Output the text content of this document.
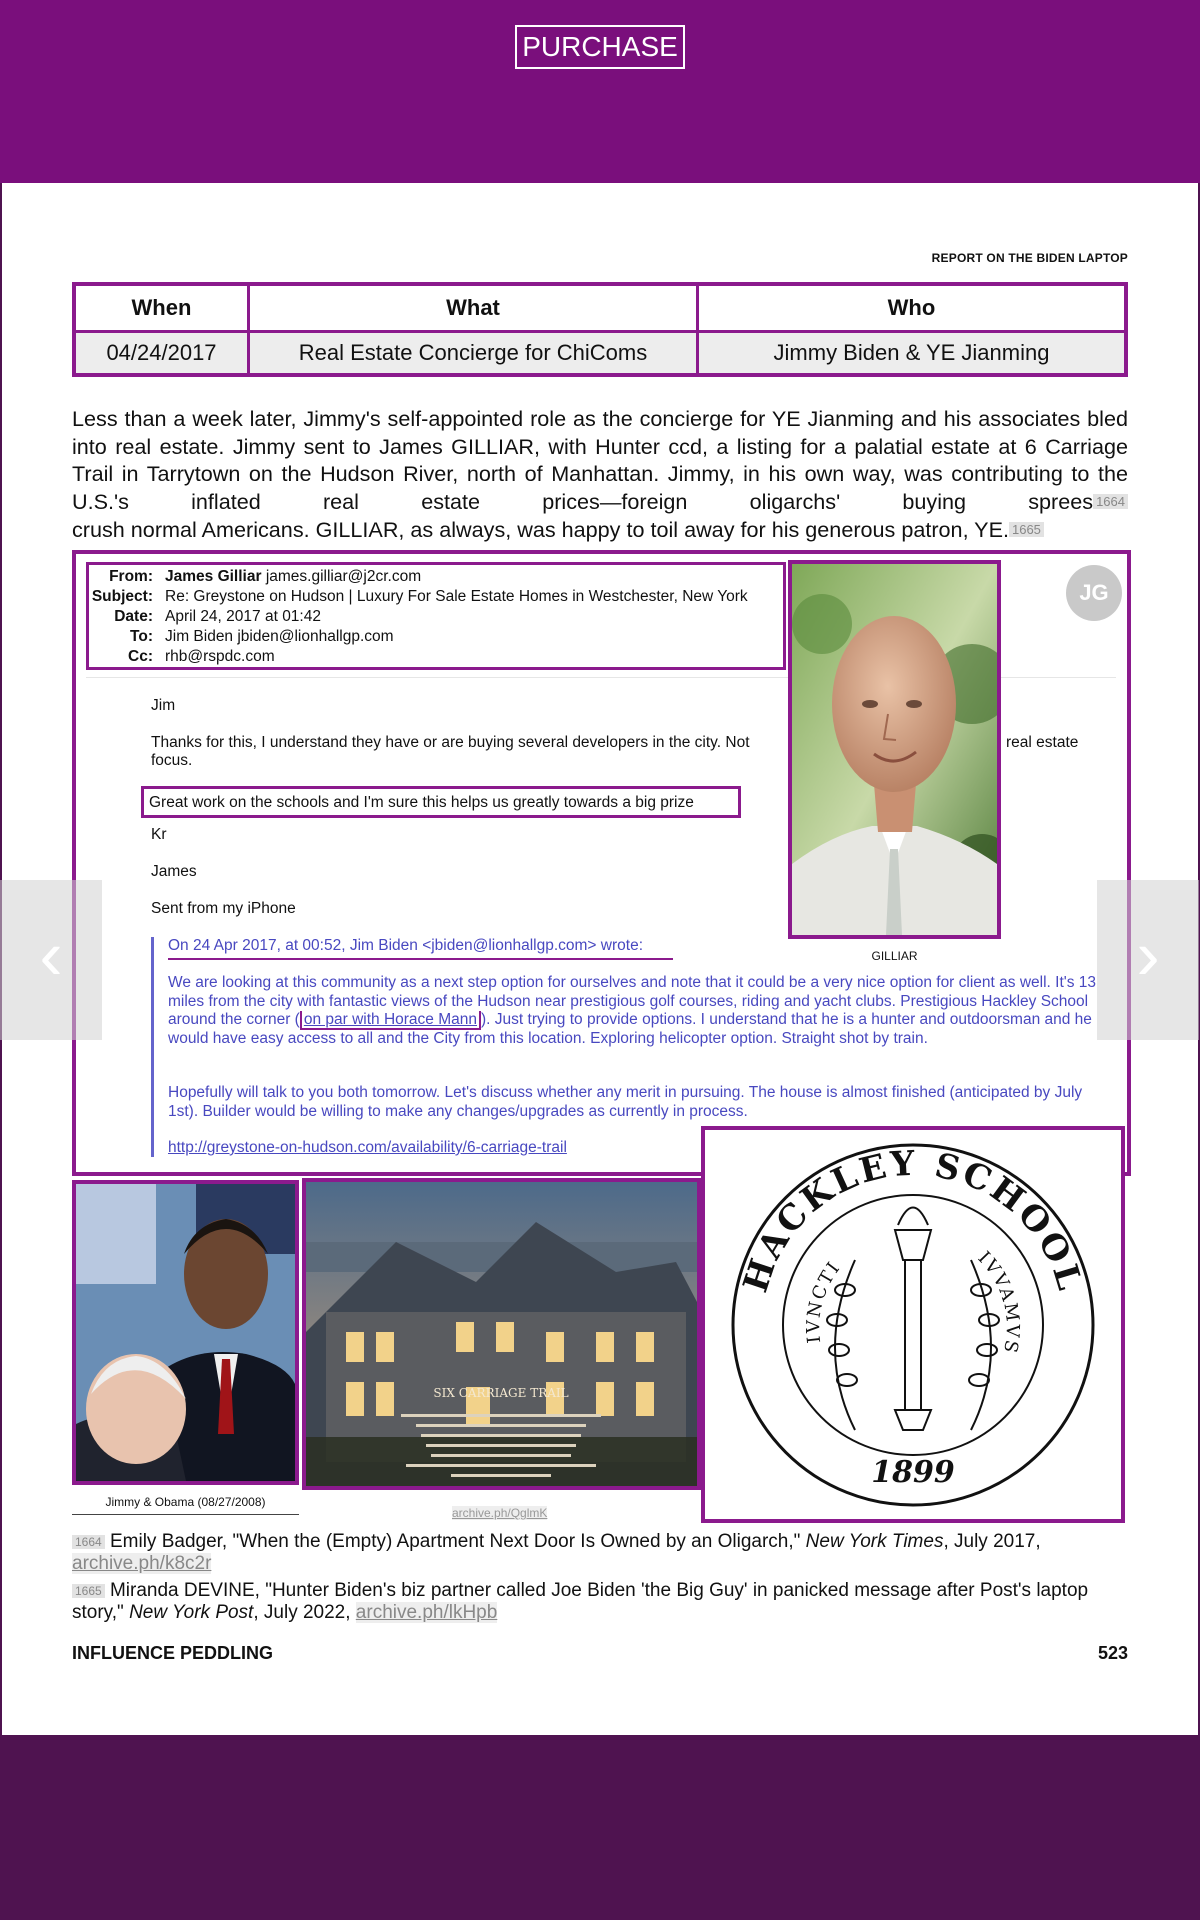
PURCHASE
REPORT ON THE BIDEN LAPTOP
When	What	Who
04/24/2017	Real Estate Concierge for ChiComs	Jimmy Biden & YE Jianming
Less than a week later, Jimmy's self-appointed role as the concierge for YE Jianming and his associates bled into real estate. Jimmy sent to James GILLIAR, with Hunter ccd, a listing for a palatial estate at 6 Carriage Trail in Tarrytown on the Hudson River, north of Manhattan. Jimmy, in his own way, was contributing to the U.S.'s inflated real estate prices—foreign oligarchs' buying sprees $^{1664}$
crush normal Americans. GILLIAR, as always, was happy to toil away for his generous patron, YE. $^{1665}$
From: James Gilliar james.gilliar@j2cr.com
Subject: Re: Greystone on Hudson | Luxury For Sale Estate Homes in Westchester, New York
Date: April 24, 2017 at 01:42
To: Jim Biden jbiden@lionhallgp.com
Cc: rhb@rspdc.com
JG
Jim
Thanks for this, I understand they have or are buying several developers in the city. Not	real estate
focus.
Kr
James
Sent from my iPhone
Great work on the schools and I'm sure this helps us greatly towards a big prize
On 24 Apr 2017, at 00:52, Jim Biden <jbiden@lionhallgp.com> wrote:
We are looking at this community as a next step option for ourselves and note that it could be a very nice option for client as well. It's 13 miles from the city with fantastic views of the Hudson near prestigious golf courses, riding and yacht clubs. Prestigious Hackley School around the corner ( on par with Horace Mann ). Just trying to provide options. I understand that he is a hunter and outdoorsman and he would have easy access to all and the City from this location. Exploring helicopter option. Straight shot by train.
Hopefully will talk to you both tomorrow. Let's discuss whether any merit in pursuing. The house is almost finished (anticipated by July 1st). Builder would be willing to make any changes/upgrades as currently in process.
http://greystone-on-hudson.com/availability/6-carriage-trail
GILLIAR
Jimmy & Obama (08/27/2008)
SIX CARRIAGE TRAIL
archive.ph/QglmK
HACKLEY SCHOOL
IVNCTI	IVVAMVS
1899
$^{1664}$ Emily Badger, "When the (Empty) Apartment Next Door Is Owned by an Oligarch," New York Times, July 2017, archive.ph/k8c2r
$^{1665}$ Miranda DEVINE, "Hunter Biden's biz partner called Joe Biden 'the Big Guy' in panicked message after Post's laptop story," New York Post, July 2022, archive.ph/lkHpb
INFLUENCE PEDDLING	523
‹	›
